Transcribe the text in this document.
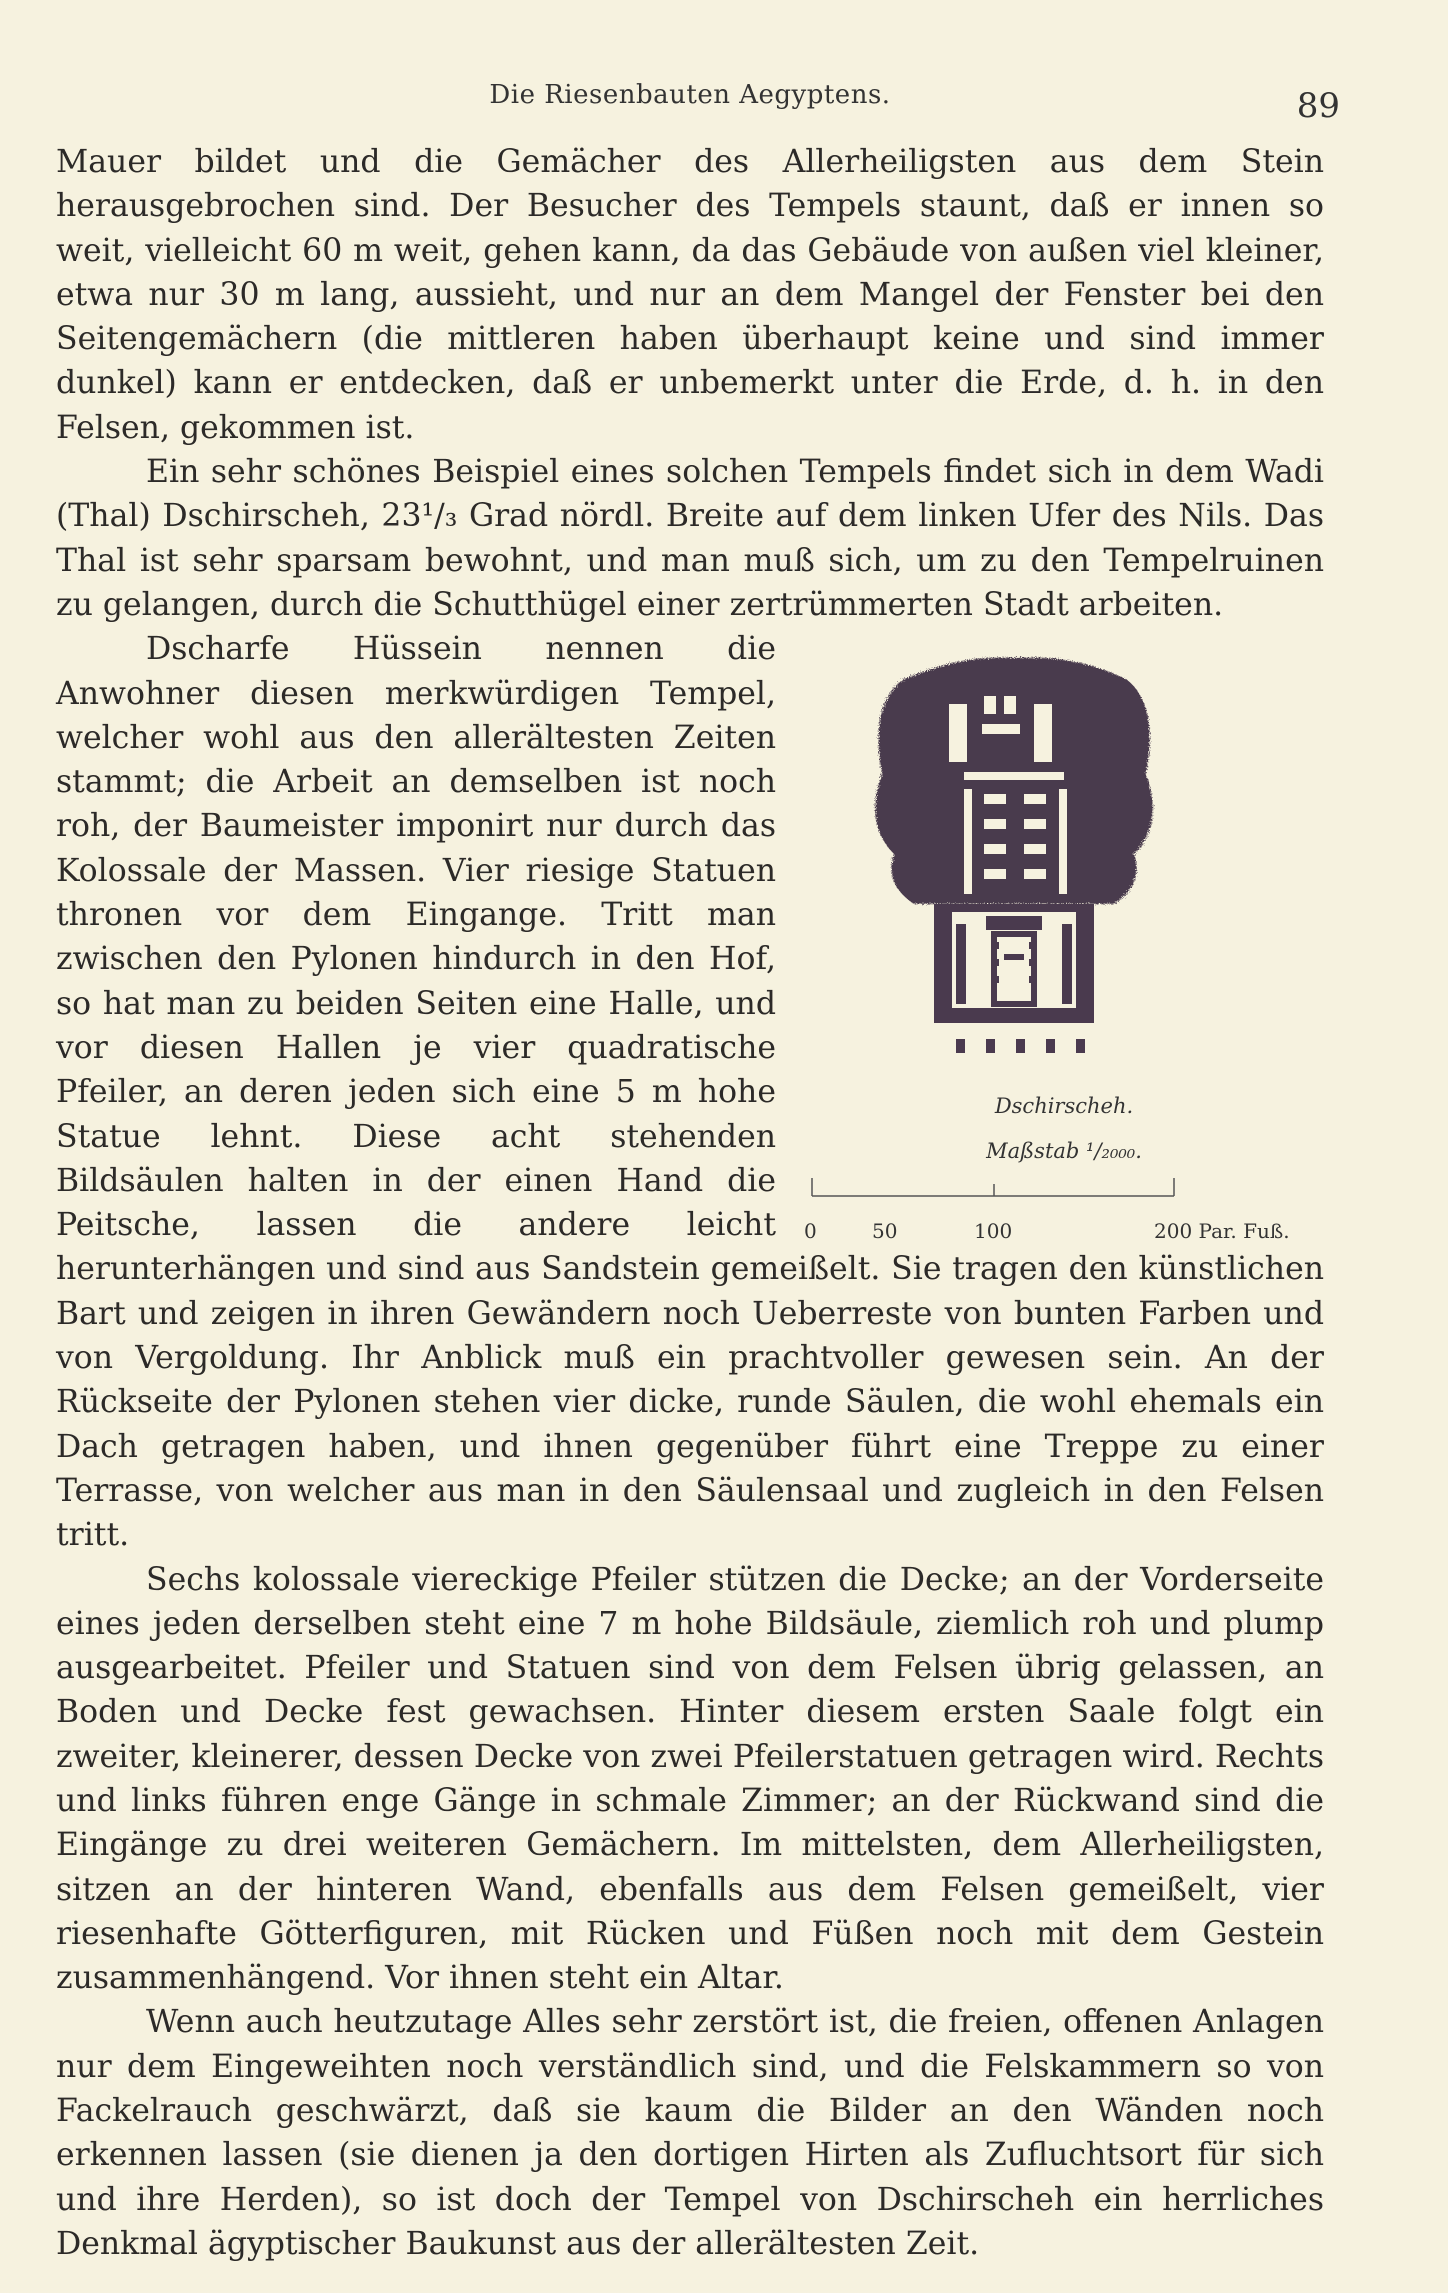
Die Riesenbauten Aegyptens.	89

Mauer bildet und die Gemächer des Allerheiligsten aus dem Stein herausgebrochen sind. Der Besucher des Tempels staunt, daß er innen so weit, vielleicht 60 m weit, gehen kann, da das Gebäude von außen viel kleiner, etwa nur 30 m lang, aussieht, und nur an dem Mangel der Fenster bei den Seitengemächern (die mittleren haben überhaupt keine und sind immer dunkel) kann er entdecken, daß er unbemerkt unter die Erde, d. h. in den Felsen, gekommen ist.

Ein sehr schönes Beispiel eines solchen Tempels findet sich in dem Wadi (Thal) Dschirscheh, 23¹/₃ Grad nördl. Breite auf dem linken Ufer des Nils. Das Thal ist sehr sparsam bewohnt, und man muß sich, um zu den Tempelruinen zu gelangen, durch die Schutthügel einer zertrümmerten Stadt arbeiten.

Dschirscheh.
Maßstab ¹/₂₀₀₀.
0	50	100	200 Par. Fuß.

Dscharfe Hüssein nennen die Anwohner diesen merkwürdigen Tempel, welcher wohl aus den allerältesten Zeiten stammt; die Arbeit an demselben ist noch roh, der Baumeister imponirt nur durch das Kolossale der Massen. Vier riesige Statuen thronen vor dem Eingange. Tritt man zwischen den Pylonen hindurch in den Hof, so hat man zu beiden Seiten eine Halle, und vor diesen Hallen je vier quadratische Pfeiler, an deren jeden sich eine 5 m hohe Statue lehnt. Diese acht stehenden Bildsäulen halten in der einen Hand die Peitsche, lassen die andere leicht herunterhängen und sind aus Sandstein gemeißelt. Sie tragen den künstlichen Bart und zeigen in ihren Gewändern noch Ueberreste von bunten Farben und von Vergoldung. Ihr Anblick muß ein prachtvoller gewesen sein. An der Rückseite der Pylonen stehen vier dicke, runde Säulen, die wohl ehemals ein Dach getragen haben, und ihnen gegenüber führt eine Treppe zu einer Terrasse, von welcher aus man in den Säulensaal und zugleich in den Felsen tritt.

Sechs kolossale viereckige Pfeiler stützen die Decke; an der Vorderseite eines jeden derselben steht eine 7 m hohe Bildsäule, ziemlich roh und plump ausgearbeitet. Pfeiler und Statuen sind von dem Felsen übrig gelassen, an Boden und Decke fest gewachsen. Hinter diesem ersten Saale folgt ein zweiter, kleinerer, dessen Decke von zwei Pfeilerstatuen getragen wird. Rechts und links führen enge Gänge in schmale Zimmer; an der Rückwand sind die Eingänge zu drei weiteren Gemächern. Im mittelsten, dem Allerheiligsten, sitzen an der hinteren Wand, ebenfalls aus dem Felsen gemeißelt, vier riesenhafte Götterfiguren, mit Rücken und Füßen noch mit dem Gestein zusammenhängend. Vor ihnen steht ein Altar.

Wenn auch heutzutage Alles sehr zerstört ist, die freien, offenen Anlagen nur dem Eingeweihten noch verständlich sind, und die Felskammern so von Fackelrauch geschwärzt, daß sie kaum die Bilder an den Wänden noch erkennen lassen (sie dienen ja den dortigen Hirten als Zufluchtsort für sich und ihre Herden), so ist doch der Tempel von Dschirscheh ein herrliches Denkmal ägyptischer Baukunst aus der allerältesten Zeit.
